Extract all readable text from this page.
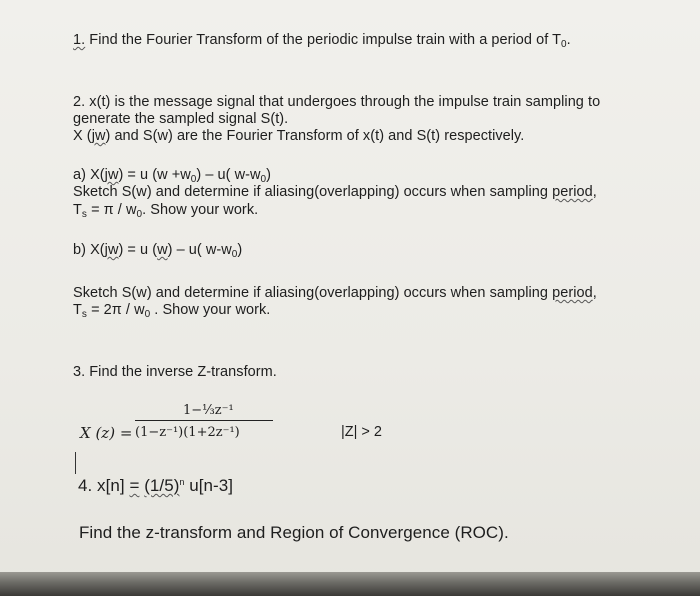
1. Find the Fourier Transform of the periodic impulse train with a period of $T_0$.
2. x(t) is the message signal that undergoes through the impulse train sampling to
generate the sampled signal S(t).
X (jw) and S(w) are the Fourier Transform of x(t) and S(t) respectively.
a) X(jw) = u $(w +w_0) - u$( $w-w_0$)
Sketch S(w) and determine if aliasing(overlapping) occurs when sampling period,
$T_s = \pi / w_0$. Show your work.
b) X(jw) = u (w) – u( $w-w_0$)
Sketch S(w) and determine if aliasing(overlapping) occurs when sampling period,
$T_s = 2\pi / w_0$ . Show your work.
3. Find the inverse Z-transform.
X (z) =
1−⅓z⁻¹
(1−z⁻¹)(1+2z⁻¹)	|Z| > 2
4. $x[n] = (1/5)^n$ u[n-3]
Find the z-transform and Region of Convergence (ROC).
